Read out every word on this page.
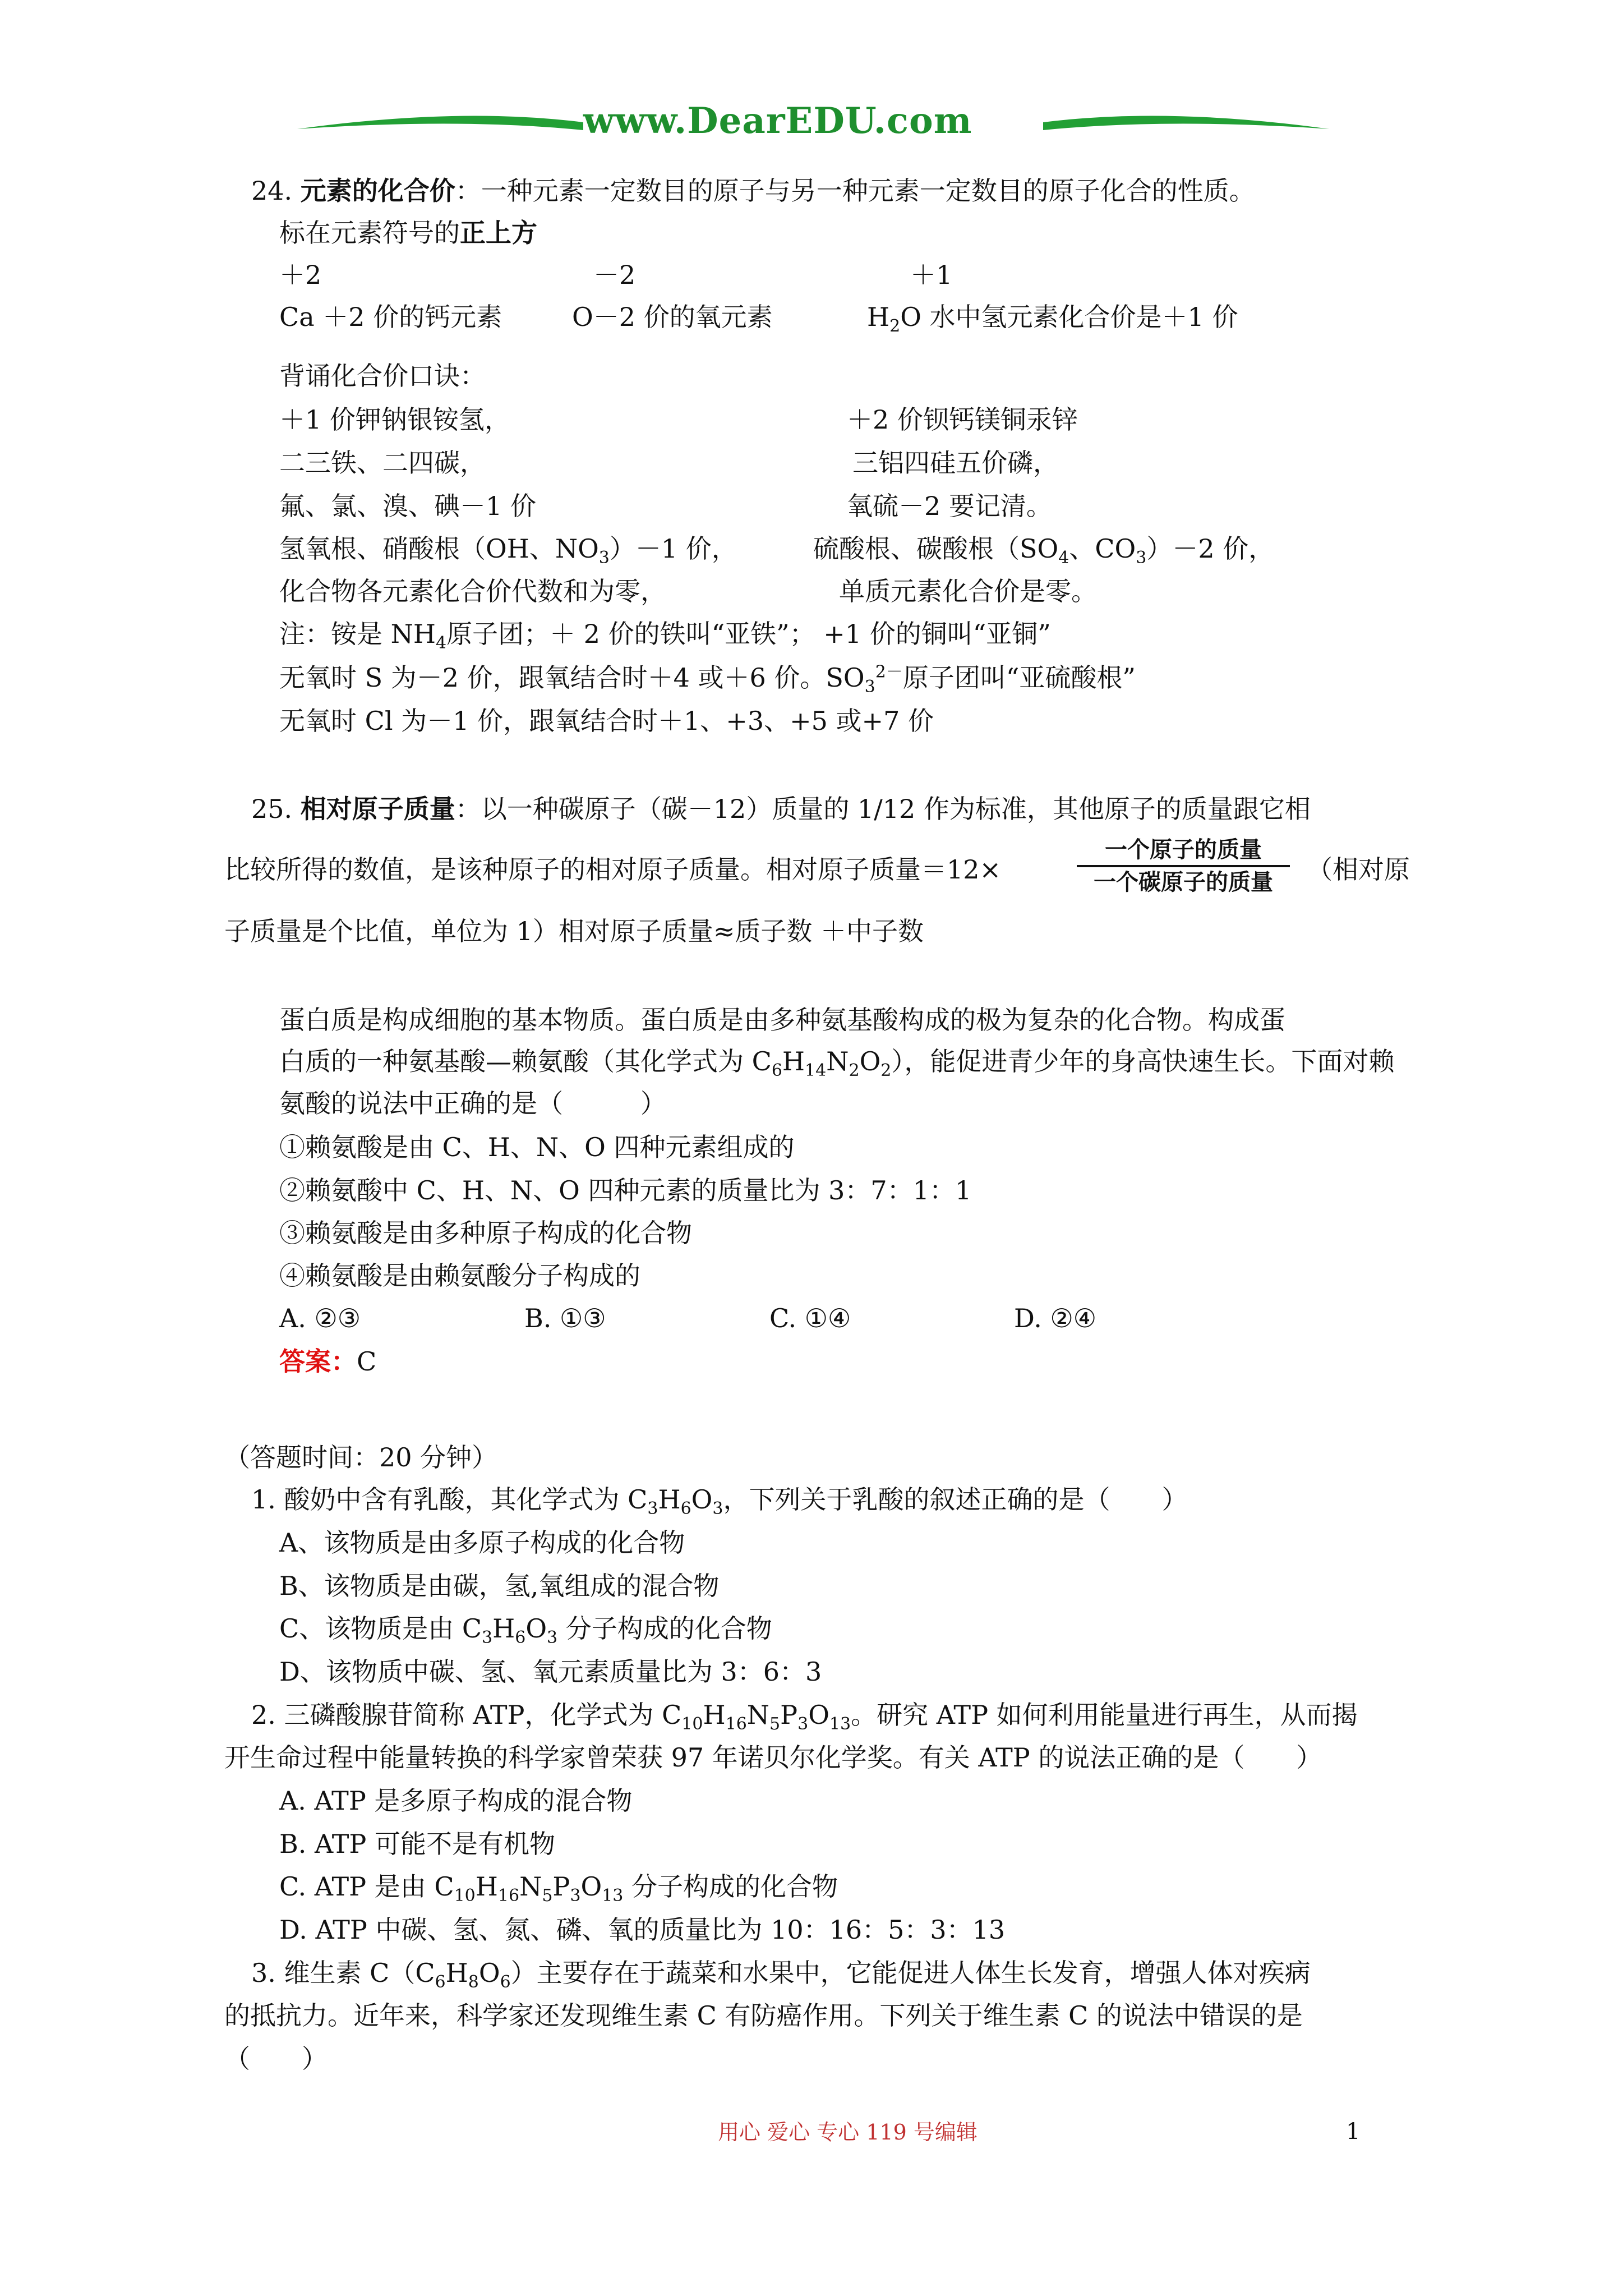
www.DearEDU.com
24. 元素的化合价：一种元素一定数目的原子与另一种元素一定数目的原子化合的性质。
标在元素符号的正上方
＋2	－2	＋1
Ca ＋2 价的钙元素	O－2 价的氧元素	$H_2O$ 水中氢元素化合价是＋1 价
背诵化合价口诀：
＋1 价钾钠银铵氢，	＋2 价钡钙镁铜汞锌
二三铁、二四碳，	三铝四硅五价磷，
氟、氯、溴、碘－1 价	氧硫－2 要记清。
氢氧根、硝酸根（OH、$NO_3)-1$ 价，	硫酸根、碳酸根（$SO_4$、$CO_3)-2$ 价，
化合物各元素化合价代数和为零，	单质元素化合价是零。
注：铵是 $NH_4$原子团；＋ 2 价的铁叫“亚铁”； +1 价的铜叫“亚铜”
无氧时 S 为－2 价，跟氧结合时＋4 或＋6 价。$SO_3^{2-}$原子团叫“亚硫酸根”
无氧时 Cl 为－1 价，跟氧结合时＋1、+3、+5 或+7 价
25. 相对原子质量：以一种碳原子（碳－12）质量的 1/12 作为标准，其他原子的质量跟它相
比较所得的数值，是该种原子的相对原子质量。相对原子质量＝12×
一个原子的质量
一个碳原子的质量	（相对原
子质量是个比值，单位为 1）相对原子质量≈质子数 ＋中子数
蛋白质是构成细胞的基本物质。蛋白质是由多种氨基酸构成的极为复杂的化合物。构成蛋
白质的一种氨基酸—赖氨酸（其化学式为 $C_6H_{14}N_2O_2$），能促进青少年的身高快速生长。下面对赖
氨酸的说法中正确的是（　　　）
①赖氨酸是由 C、H、N、O 四种元素组成的
②赖氨酸中 C、H、N、O 四种元素的质量比为 3：7：1：1
③赖氨酸是由多种原子构成的化合物
④赖氨酸是由赖氨酸分子构成的
A. ②③	B. ①③	C. ①④	D. ②④
答案：C
（答题时间：20 分钟）
1. 酸奶中含有乳酸，其化学式为 $C_3H_6O_3$，下列关于乳酸的叙述正确的是（　　）
A、该物质是由多原子构成的化合物
B、该物质是由碳，氢,氧组成的混合物
C、该物质是由 $C_3H_6O_3$ 分子构成的化合物
D、该物质中碳、氢、氧元素质量比为 3：6：3
2. 三磷酸腺苷简称 ATP，化学式为 $C_{10}H_{16}N_5P_3O_{13}$。研究 ATP 如何利用能量进行再生，从而揭
开生命过程中能量转换的科学家曾荣获 97 年诺贝尔化学奖。有关 ATP 的说法正确的是（　　）
A. ATP 是多原子构成的混合物
B. ATP 可能不是有机物
C. ATP 是由 $C_{10}H_{16}N_5P_3O_{13}$ 分子构成的化合物
D. ATP 中碳、氢、氮、磷、氧的质量比为 10：16：5：3：13
3. 维生素 $C(C_6H_8O_6)$主要存在于蔬菜和水果中，它能促进人体生长发育，增强人体对疾病
的抵抗力。近年来，科学家还发现维生素 C 有防癌作用。下列关于维生素 C 的说法中错误的是
（　　）
用心 爱心 专心 119 号编辑	1
